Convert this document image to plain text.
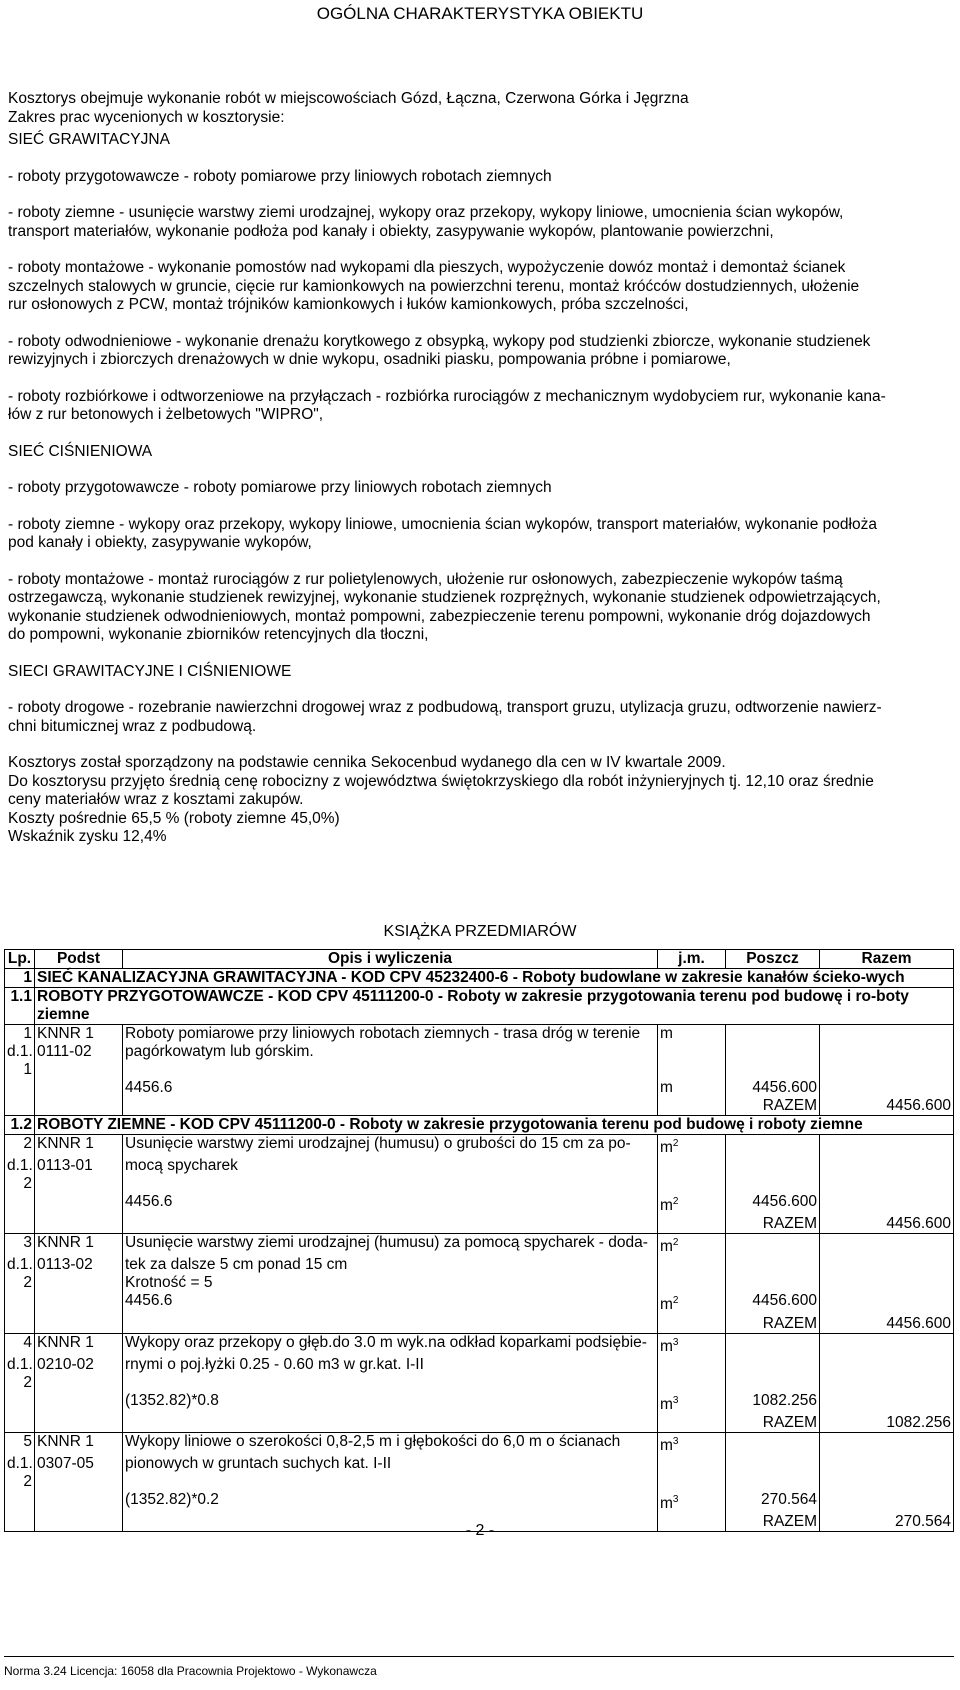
OGÓLNA CHARAKTERYSTYKA OBIEKTU

Kosztorys obejmuje wykonanie robót w miejscowościach Gózd, Łączna, Czerwona Górka i Jęgrzna

Zakres prac wycenionych w kosztorysie:

SIEĆ GRAWITACYJNA

- roboty przygotowawcze - roboty pomiarowe przy liniowych robotach ziemnych

- roboty ziemne - usunięcie warstwy ziemi urodzajnej, wykopy oraz przekopy, wykopy liniowe, umocnienia ścian wykopów,

transport materiałów, wykonanie podłoża pod kanały i obiekty, zasypywanie wykopów, plantowanie powierzchni,

- roboty montażowe - wykonanie pomostów nad wykopami dla pieszych, wypożyczenie dowóz montaż i demontaż ścianek

szczelnych stalowych w gruncie, cięcie rur kamionkowych na powierzchni terenu, montaż króćców dostudziennych, ułożenie

rur osłonowych z PCW, montaż trójników kamionkowych i łuków kamionkowych, próba szczelności,

- roboty odwodnieniowe - wykonanie drenażu korytkowego z obsypką, wykopy pod studzienki zbiorcze, wykonanie studzienek

rewizyjnych i zbiorczych drenażowych w dnie wykopu, osadniki piasku, pompowania próbne i pomiarowe,

- roboty rozbiórkowe i odtworzeniowe na przyłączach - rozbiórka rurociągów z mechanicznym wydobyciem rur, wykonanie kana-

łów z rur betonowych i żelbetowych "WIPRO",

SIEĆ CIŚNIENIOWA

- roboty przygotowawcze - roboty pomiarowe przy liniowych robotach ziemnych

- roboty ziemne - wykopy oraz przekopy, wykopy liniowe, umocnienia ścian wykopów, transport materiałów, wykonanie podłoża

pod kanały i obiekty, zasypywanie wykopów,

- roboty montażowe - montaż rurociągów z rur polietylenowych, ułożenie rur osłonowych, zabezpieczenie wykopów taśmą

ostrzegawczą, wykonanie studzienek rewizyjnej, wykonanie studzienek rozprężnych, wykonanie studzienek odpowietrzających,

wykonanie studzienek odwodnieniowych, montaż pompowni, zabezpieczenie terenu pompowni, wykonanie dróg dojazdowych

do pompowni, wykonanie zbiorników retencyjnych dla tłoczni,

SIECI GRAWITACYJNE I CIŚNIENIOWE

- roboty drogowe - rozebranie nawierzchni drogowej wraz z podbudową, transport gruzu, utylizacja gruzu, odtworzenie nawierz-

chni bitumicznej wraz z podbudową.

Kosztorys został sporządzony na podstawie cennika Sekocenbud wydanego dla cen w IV kwartale 2009.

Do kosztorysu przyjęto średnią cenę robocizny z województwa świętokrzyskiego dla robót inżynieryjnych tj. 12,10 oraz średnie

ceny materiałów wraz z kosztami zakupów.

Koszty pośrednie 65,5 % (roboty ziemne 45,0%)

Wskaźnik zysku 12,4%

KSIĄŻKA PRZEDMIARÓW
Lp.	Podst	Opis i wyliczenia	j.m.	Poszcz	Razem
1	SIEĆ KANALIZACYJNA GRAWITACYJNA - KOD CPV 45232400-6 - Roboty budowlane w zakresie kanałów ścieko-wych				
1.1	ROBOTY PRZYGOTOWAWCZE - KOD CPV 45111200-0 - Roboty w zakresie przygotowania terenu pod budowę i ro-boty ziemne				
1	KNNR 1	Roboty pomiarowe przy liniowych robotach ziemnych - trasa dróg w terenie	m		
d.1.	0111-02	pagórkowatym lub górskim.			
1					
		4456.6	m	4456.600	
				RAZEM	4456.600
1.2	ROBOTY ZIEMNE - KOD CPV 45111200-0 - Roboty w zakresie przygotowania terenu pod budowę i roboty ziemne				
2	KNNR 1	Usunięcie warstwy ziemi urodzajnej (humusu) o grubości do 15 cm za po-	$m^2$		
d.1.	0113-01	mocą spycharek			
2					
		4456.6	$m^2$	4456.600	
				RAZEM	4456.600
3	KNNR 1	Usunięcie warstwy ziemi urodzajnej (humusu) za pomocą spycharek - doda-	$m^2$		
d.1.	0113-02	tek za dalsze 5 cm ponad 15 cm			
2		Krotność = 5			
		4456.6	$m^2$	4456.600	
				RAZEM	4456.600
4	KNNR 1	Wykopy oraz przekopy o głęb.do 3.0 m wyk.na odkład koparkami podsiębie-	$m^3$		
d.1.	0210-02	rnymi o poj.łyżki 0.25 - 0.60 m3 w gr.kat. I-II			
2					
		(1352.82)*0.8	$m^3$	1082.256	
				RAZEM	1082.256
5	KNNR 1	Wykopy liniowe o szerokości 0,8-2,5 m i głębokości do 6,0 m o ścianach	$m^3$		
d.1.	0307-05	pionowych w gruntach suchych kat. I-II			
2					
		(1352.82)*0.2	$m^3$	270.564	
				RAZEM	270.564
- 2 -
Norma 3.24 Licencja: 16058 dla Pracownia Projektowo - Wykonawcza
